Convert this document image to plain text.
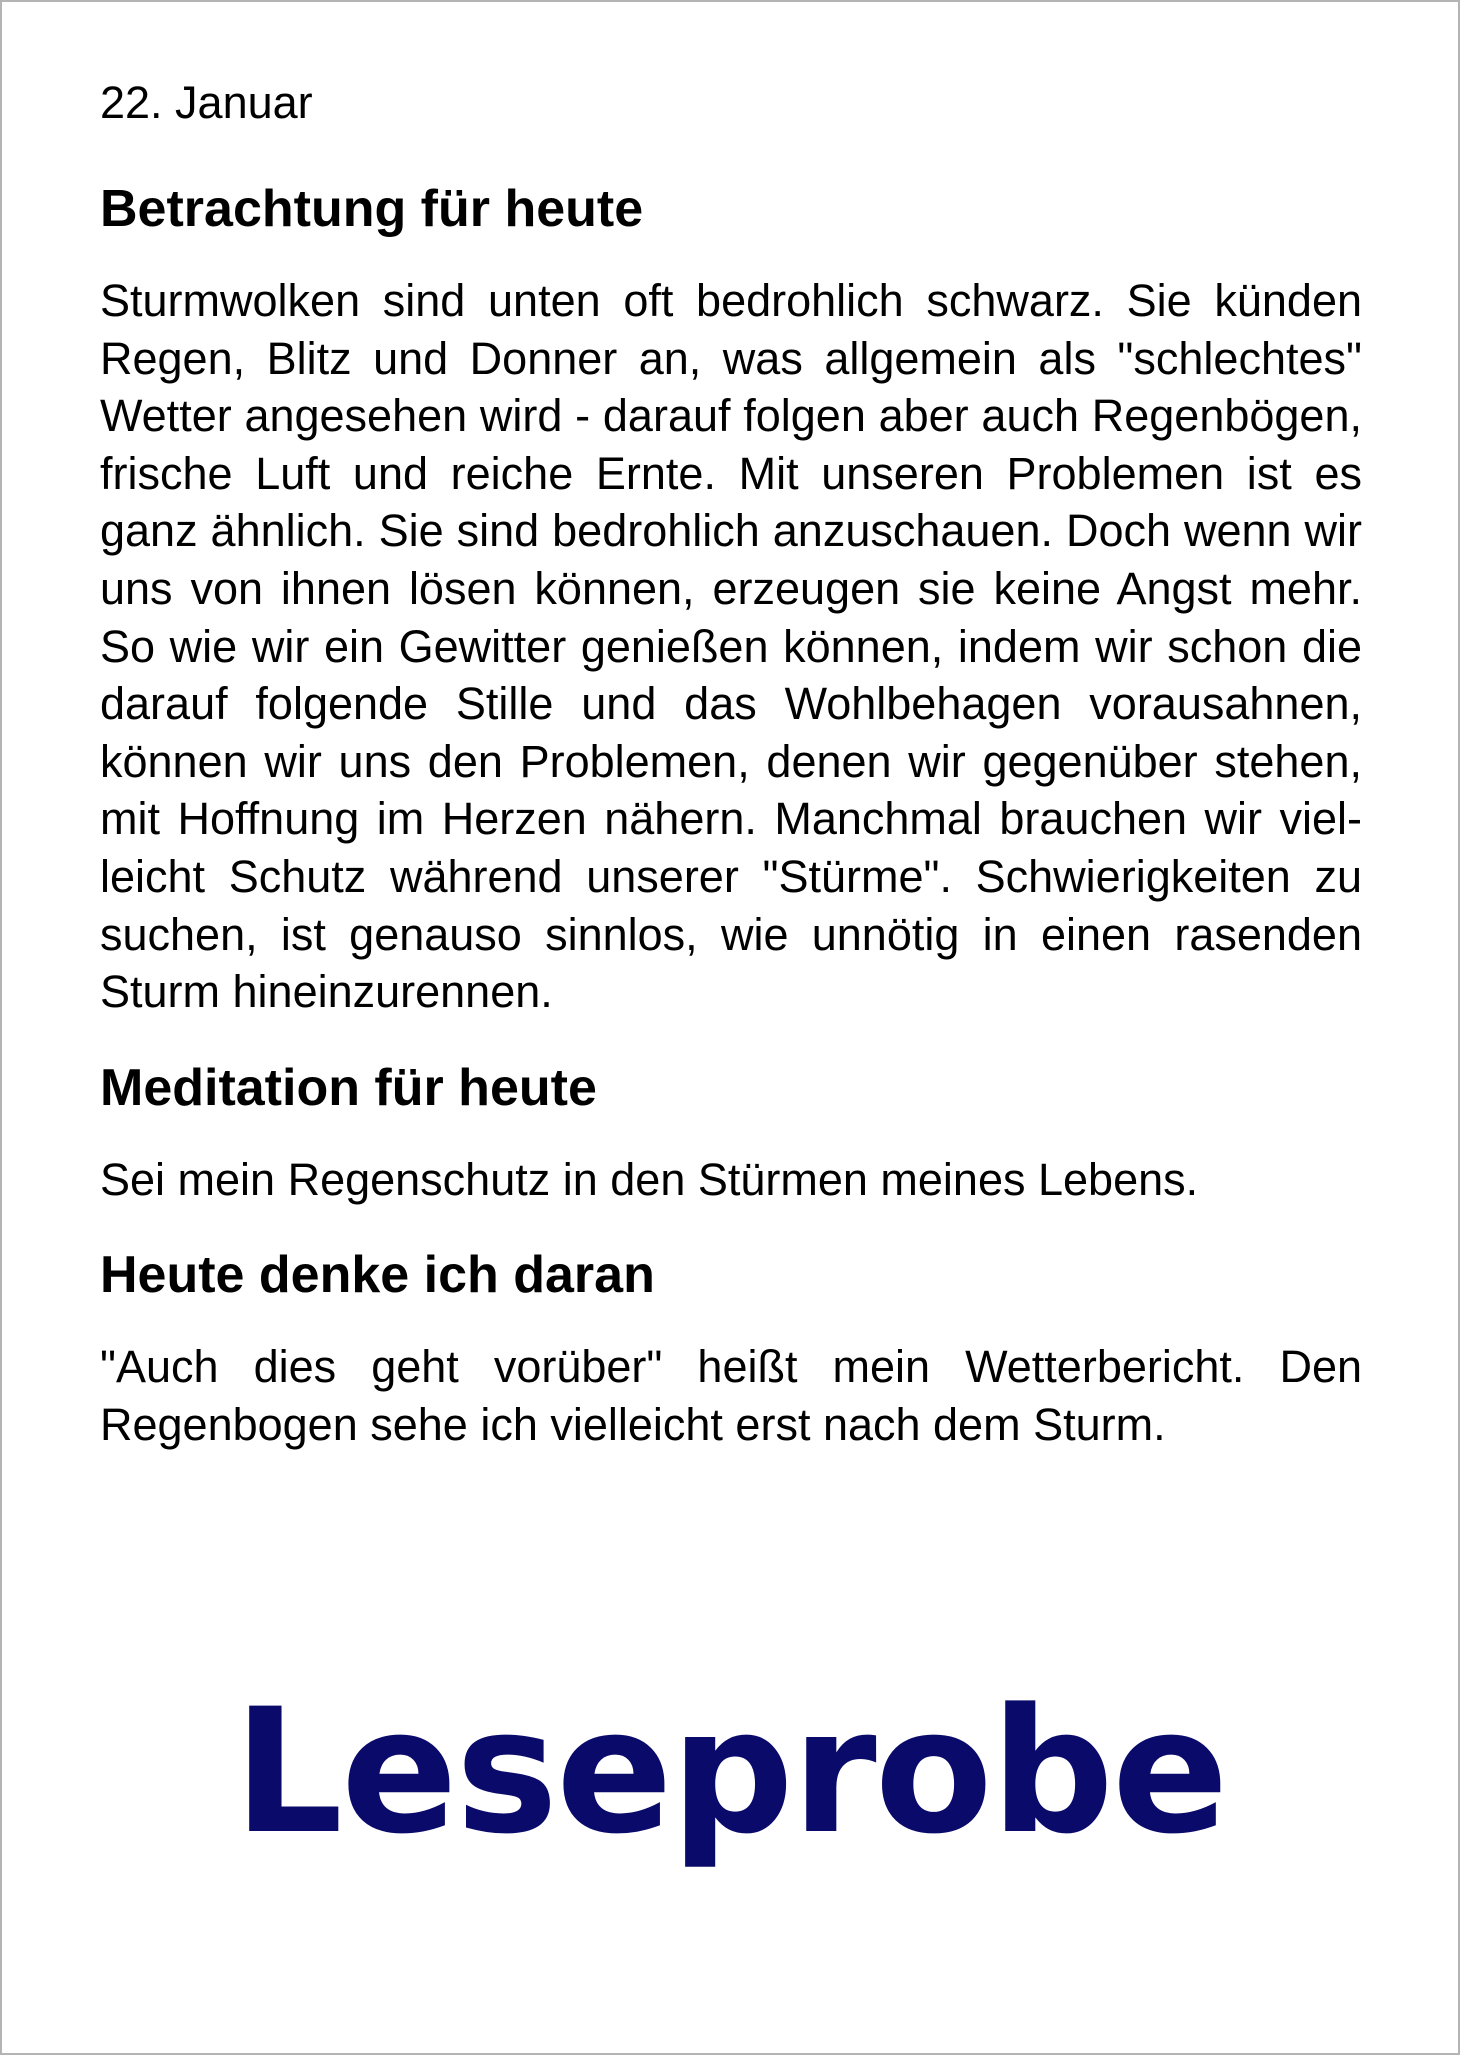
22. Januar
Betrachtung für heute

Sturmwolken sind unten oft bedrohlich schwarz. Sie künden Regen, Blitz und Donner an, was allgemein als "schlechtes" Wetter angesehen wird - darauf folgen aber auch Regenbögen, frische Luft und reiche Ernte. Mit unseren Problemen ist es ganz ähnlich. Sie sind bedrohlich anzuschauen. Doch wenn wir uns von ihnen lösen können, erzeugen sie keine Angst mehr. So wie wir ein Gewitter genießen können, indem wir schon die darauf folgende Stille und das Wohlbehagen vorausahnen, können wir uns den Problemen, denen wir gegenüber stehen, mit Hoffnung im Herzen nähern. Manchmal brauchen wir vielleicht Schutz während unserer "Stürme". Schwierigkeiten zu suchen, ist genauso sinnlos, wie unnötig in einen rasenden Sturm hineinzurennen.

Meditation für heute

Sei mein Regenschutz in den Stürmen meines Lebens.

Heute denke ich daran

"Auch dies geht vorüber" heißt mein Wetterbericht. Den Regenbogen sehe ich vielleicht erst nach dem Sturm.

Leseprobe
